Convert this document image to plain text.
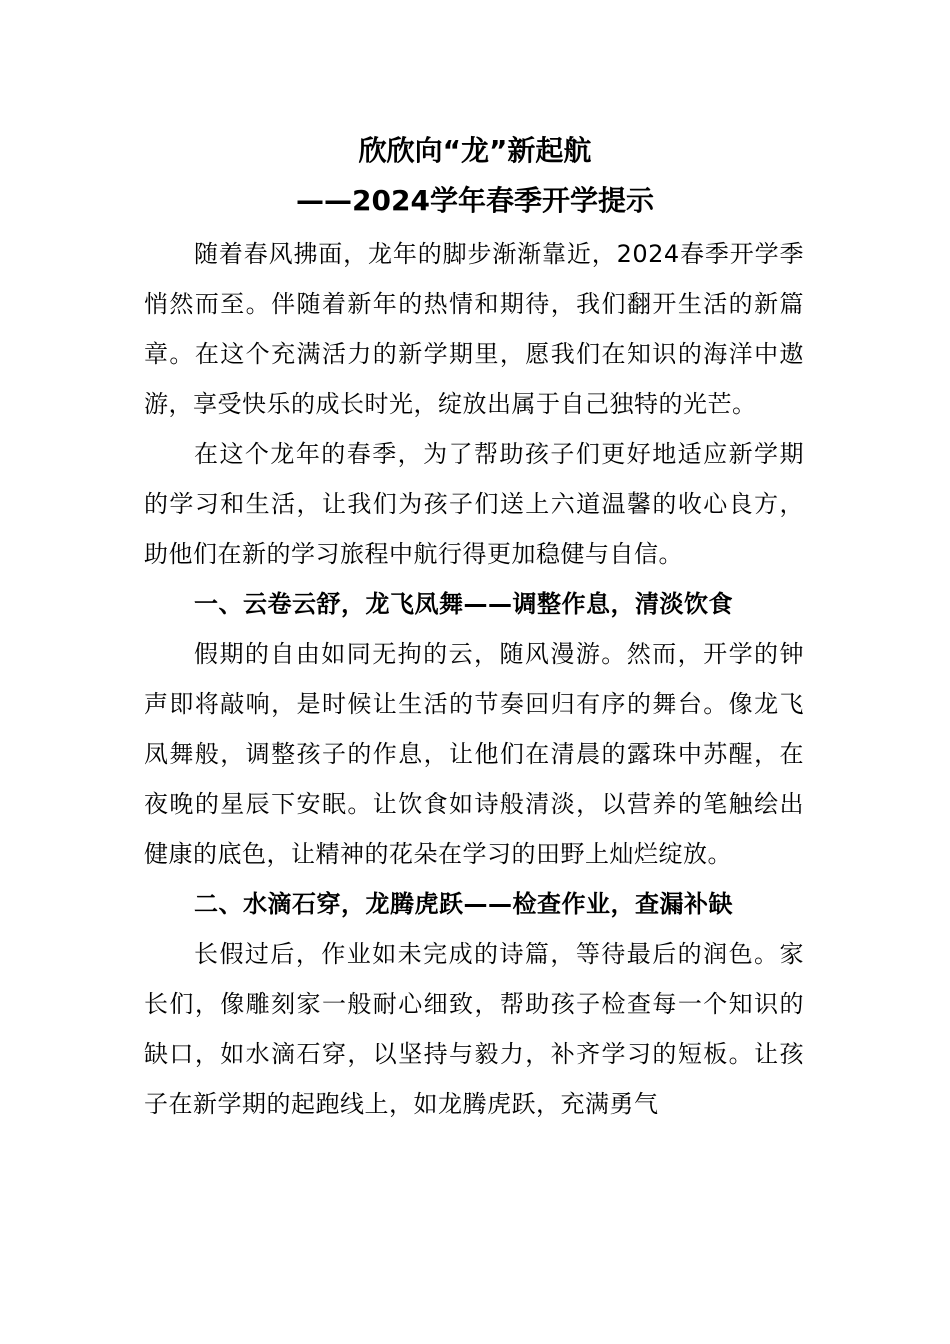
欣欣向“龙”新起航
——2024学年春季开学提示

随着春风拂面，龙年的脚步渐渐靠近，2024春季开学季悄然而至。伴随着新年的热情和期待，我们翻开生活的新篇章。在这个充满活力的新学期里，愿我们在知识的海洋中遨游，享受快乐的成长时光，绽放出属于自己独特的光芒。

在这个龙年的春季，为了帮助孩子们更好地适应新学期的学习和生活，让我们为孩子们送上六道温馨的收心良方，助他们在新的学习旅程中航行得更加稳健与自信。

一、云卷云舒，龙飞凤舞——调整作息，清淡饮食

假期的自由如同无拘的云，随风漫游。然而，开学的钟声即将敲响，是时候让生活的节奏回归有序的舞台。像龙飞凤舞般，调整孩子的作息，让他们在清晨的露珠中苏醒，在夜晚的星辰下安眠。让饮食如诗般清淡，以营养的笔触绘出健康的底色，让精神的花朵在学习的田野上灿烂绽放。

二、水滴石穿，龙腾虎跃——检查作业，查漏补缺

长假过后，作业如未完成的诗篇，等待最后的润色。家长们，像雕刻家一般耐心细致，帮助孩子检查每一个知识的缺口，如水滴石穿，以坚持与毅力，补齐学习的短板。让孩子在新学期的起跑线上，如龙腾虎跃，充满勇气
